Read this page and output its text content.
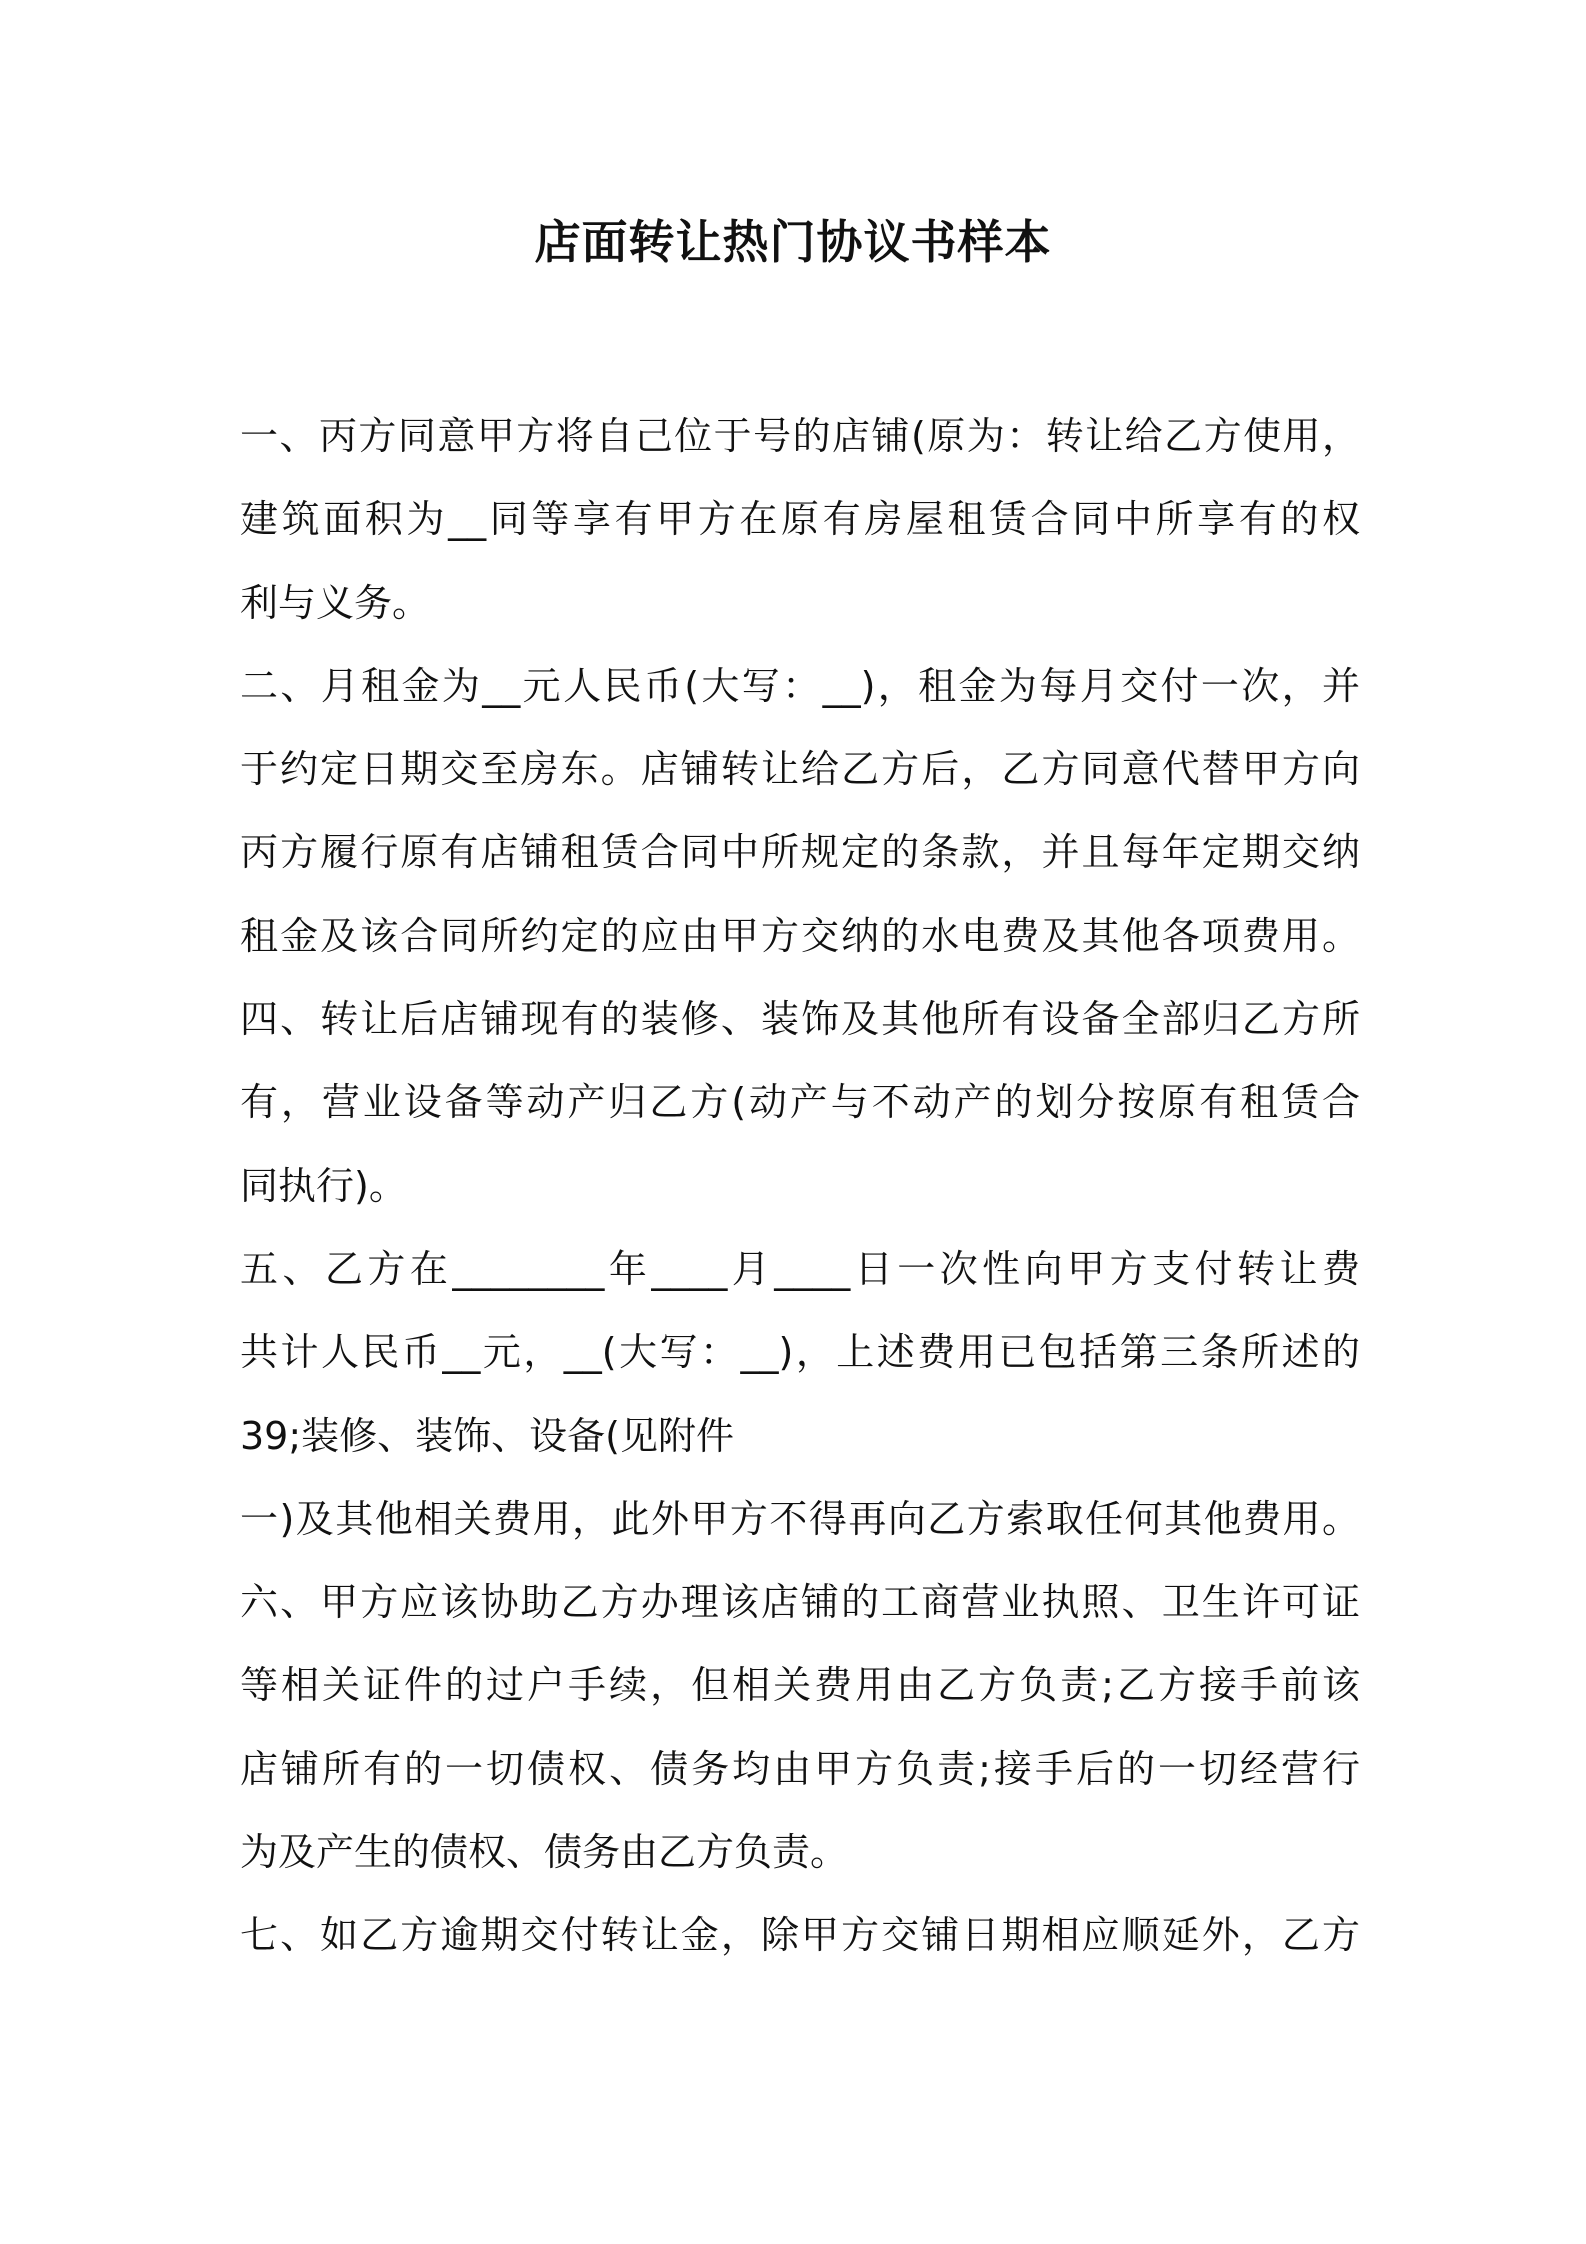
店面转让热门协议书样本
一、丙方同意甲方将自己位于号的店铺(原为：转让给乙方使用，
建筑面积为__同等享有甲方在原有房屋租赁合同中所享有的权
利与义务。
二、月租金为__元人民币(大写：__)，租金为每月交付一次，并
于约定日期交至房东。店铺转让给乙方后，乙方同意代替甲方向
丙方履行原有店铺租赁合同中所规定的条款，并且每年定期交纳
租金及该合同所约定的应由甲方交纳的水电费及其他各项费用。
四、转让后店铺现有的装修、装饰及其他所有设备全部归乙方所
有，营业设备等动产归乙方(动产与不动产的划分按原有租赁合
同执行)。
五、乙方在________年____月____日一次性向甲方支付转让费
共计人民币__元，__(大写：__)，上述费用已包括第三条所述的
39;装修、装饰、设备(见附件
一)及其他相关费用，此外甲方不得再向乙方索取任何其他费用。
六、甲方应该协助乙方办理该店铺的工商营业执照、卫生许可证
等相关证件的过户手续，但相关费用由乙方负责;乙方接手前该
店铺所有的一切债权、债务均由甲方负责;接手后的一切经营行
为及产生的债权、债务由乙方负责。
七、如乙方逾期交付转让金，除甲方交铺日期相应顺延外，乙方
